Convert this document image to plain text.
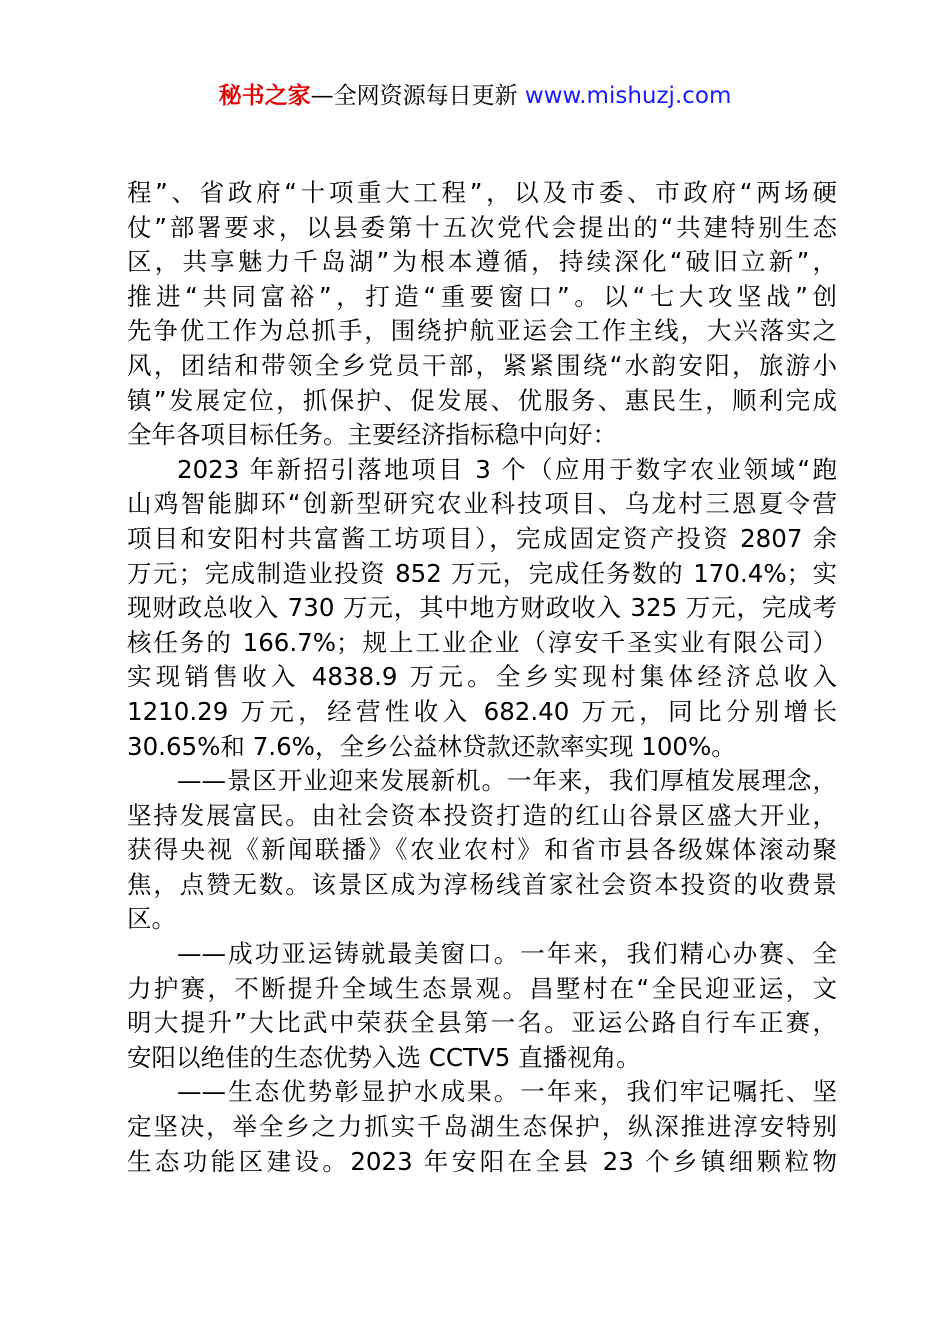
秘书之家—全网资源每日更新 www.mishuzj.com
程”、省政府“十项重大工程”，以及市委、市政府“两场硬
仗”部署要求，以县委第十五次党代会提出的“共建特别生态
区，共享魅力千岛湖”为根本遵循，持续深化“破旧立新”，
推进“共同富裕”，打造“重要窗口”。以“七大攻坚战”创
先争优工作为总抓手，围绕护航亚运会工作主线，大兴落实之
风，团结和带领全乡党员干部，紧紧围绕“水韵安阳，旅游小
镇”发展定位，抓保护、促发展、优服务、惠民生，顺利完成
全年各项目标任务。主要经济指标稳中向好：
2023 年新招引落地项目 3 个（应用于数字农业领域“跑
山鸡智能脚环“创新型研究农业科技项目、乌龙村三恩夏令营
项目和安阳村共富酱工坊项目），完成固定资产投资 2807 余
万元；完成制造业投资 852 万元，完成任务数的 170.4%；实
现财政总收入 730 万元，其中地方财政收入 325 万元，完成考
核任务的 166.7%；规上工业企业（淳安千圣实业有限公司）
实现销售收入 4838.9 万元。全乡实现村集体经济总收入
1210.29 万元，经营性收入 682.40 万元，同比分别增长
30.65%和 7.6%，全乡公益林贷款还款率实现 100%。
——景区开业迎来发展新机。一年来，我们厚植发展理念，
坚持发展富民。由社会资本投资打造的红山谷景区盛大开业，
获得央视《新闻联播》《农业农村》和省市县各级媒体滚动聚
焦，点赞无数。该景区成为淳杨线首家社会资本投资的收费景
区。
——成功亚运铸就最美窗口。一年来，我们精心办赛、全
力护赛，不断提升全域生态景观。昌墅村在“全民迎亚运，文
明大提升”大比武中荣获全县第一名。亚运公路自行车正赛，
安阳以绝佳的生态优势入选 CCTV5 直播视角。
——生态优势彰显护水成果。一年来，我们牢记嘱托、坚
定坚决，举全乡之力抓实千岛湖生态保护，纵深推进淳安特别
生态功能区建设。2023 年安阳在全县 23 个乡镇细颗粒物
